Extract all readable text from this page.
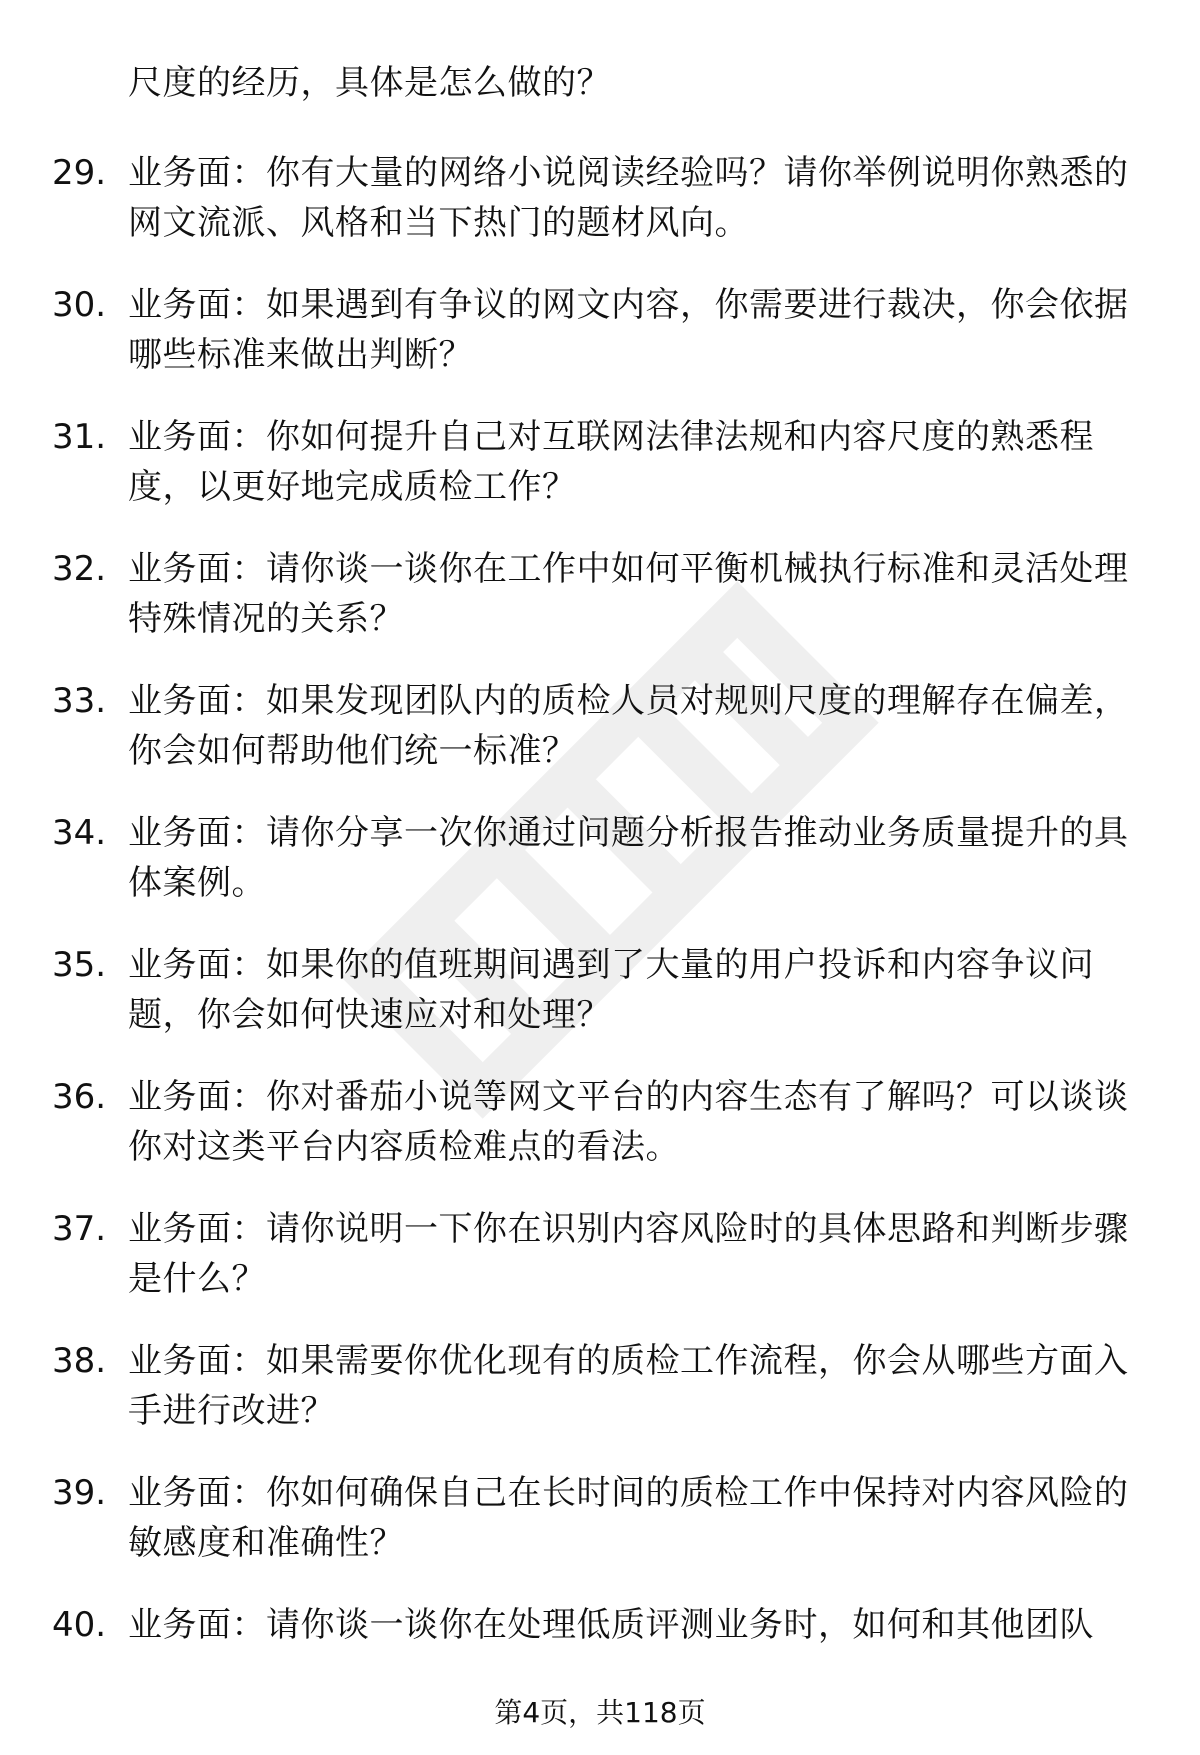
尺度的经历，具体是怎么做的？
29. 业务面：你有大量的网络小说阅读经验吗？请你举例说明你熟悉的网文流派、风格和当下热门的题材风向。
30. 业务面：如果遇到有争议的网文内容，你需要进行裁决，你会依据哪些标准来做出判断？
31. 业务面：你如何提升自己对互联网法律法规和内容尺度的熟悉程度，以更好地完成质检工作？
32. 业务面：请你谈一谈你在工作中如何平衡机械执行标准和灵活处理特殊情况的关系？
33. 业务面：如果发现团队内的质检人员对规则尺度的理解存在偏差，你会如何帮助他们统一标准？
34. 业务面：请你分享一次你通过问题分析报告推动业务质量提升的具体案例。
35. 业务面：如果你的值班期间遇到了大量的用户投诉和内容争议问题，你会如何快速应对和处理？
36. 业务面：你对番茄小说等网文平台的内容生态有了解吗？可以谈谈你对这类平台内容质检难点的看法。
37. 业务面：请你说明一下你在识别内容风险时的具体思路和判断步骤是什么？
38. 业务面：如果需要你优化现有的质检工作流程，你会从哪些方面入手进行改进？
39. 业务面：你如何确保自己在长时间的质检工作中保持对内容风险的敏感度和准确性？
40. 业务面：请你谈一谈你在处理低质评测业务时，如何和其他团队
第4页，共118页
